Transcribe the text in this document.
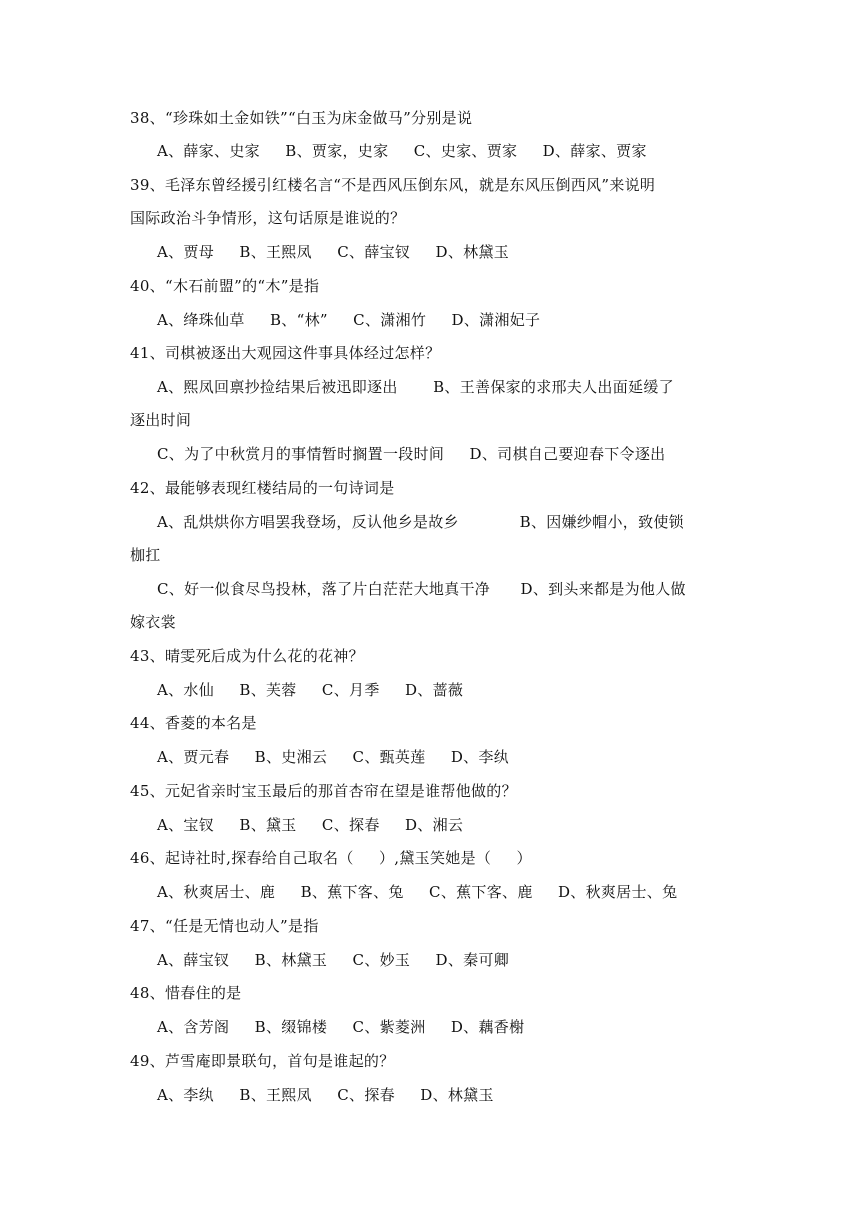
38、“珍珠如土金如铁”“白玉为床金做马”分别是说
A、薛家、史家     B、贾家，史家     C、史家、贾家     D、薛家、贾家
39、毛泽东曾经援引红楼名言“不是西风压倒东风，就是东风压倒西风”来说明
国际政治斗争情形，这句话原是谁说的？
A、贾母     B、王熙凤     C、薛宝钗     D、林黛玉
40、“木石前盟”的“木”是指
A、绛珠仙草     B、“林”     C、潇湘竹     D、潇湘妃子
41、司棋被逐出大观园这件事具体经过怎样？
A、熙凤回禀抄捡结果后被迅即逐出       B、王善保家的求邢夫人出面延缓了
逐出时间
C、为了中秋赏月的事情暂时搁置一段时间     D、司棋自己要迎春下令逐出
42、最能够表现红楼结局的一句诗词是
A、乱烘烘你方唱罢我登场，反认他乡是故乡            B、因嫌纱帽小，致使锁
枷扛
C、好一似食尽鸟投林，落了片白茫茫大地真干净      D、到头来都是为他人做
嫁衣裳
43、晴雯死后成为什么花的花神？
A、水仙     B、芙蓉     C、月季     D、蔷薇
44、香菱的本名是
A、贾元春     B、史湘云     C、甄英莲     D、李纨
45、元妃省亲时宝玉最后的那首杏帘在望是谁帮他做的？
A、宝钗     B、黛玉     C、探春     D、湘云
46、起诗社时,探春给自己取名（     ）,黛玉笑她是（     ）
A、秋爽居士、鹿     B、蕉下客、兔     C、蕉下客、鹿     D、秋爽居士、兔
47、“任是无情也动人”是指
A、薛宝钗     B、林黛玉     C、妙玉     D、秦可卿
48、惜春住的是
A、含芳阁     B、缀锦楼     C、紫菱洲     D、藕香榭
49、芦雪庵即景联句，首句是谁起的？
A、李纨     B、王熙凤     C、探春     D、林黛玉
